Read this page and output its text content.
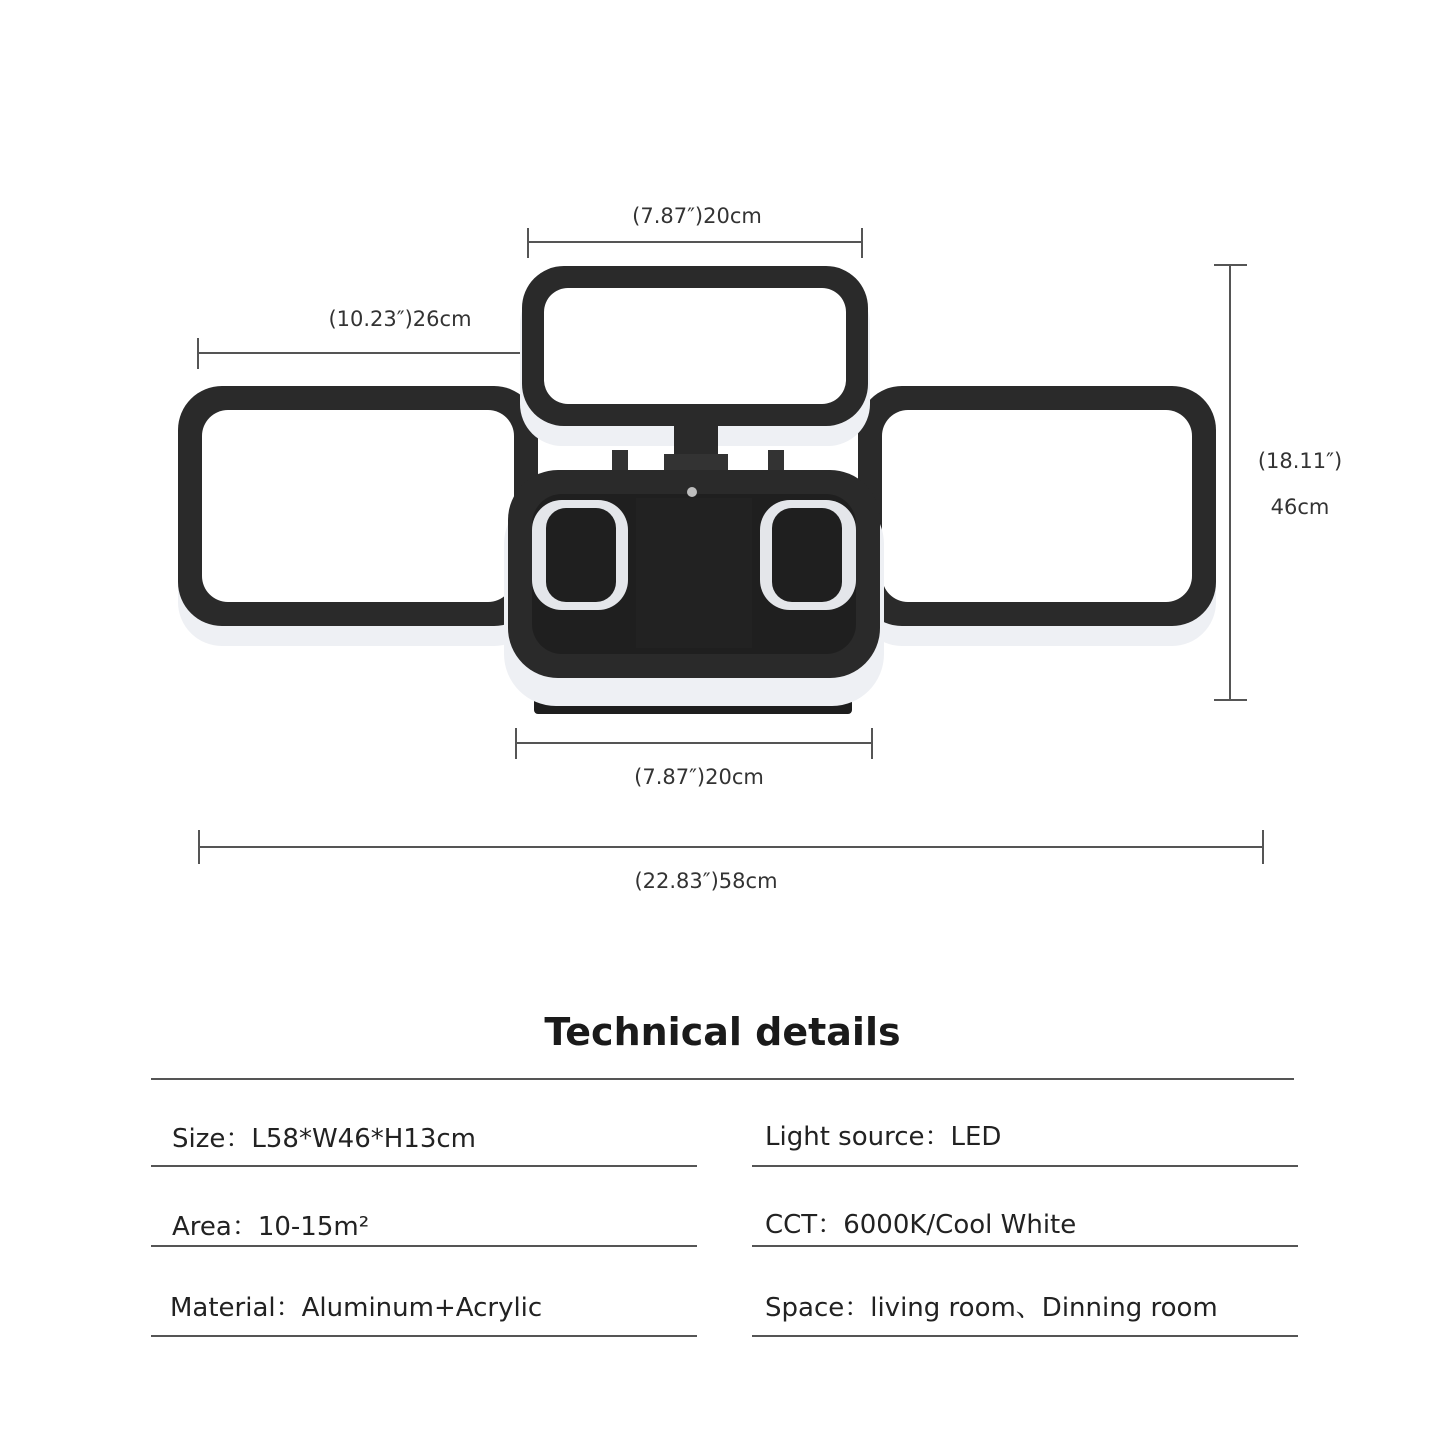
(7.87″)20cm
(10.23″)26cm
(18.11″)
46cm
(7.87″)20cm
(22.83″)58cm
Technical details
Size：L58*W46*H13cm	Light source：LED
Area：10-15m²	CCT：6000K/Cool White
Material：Aluminum+Acrylic	Space：living room、Dinning room
